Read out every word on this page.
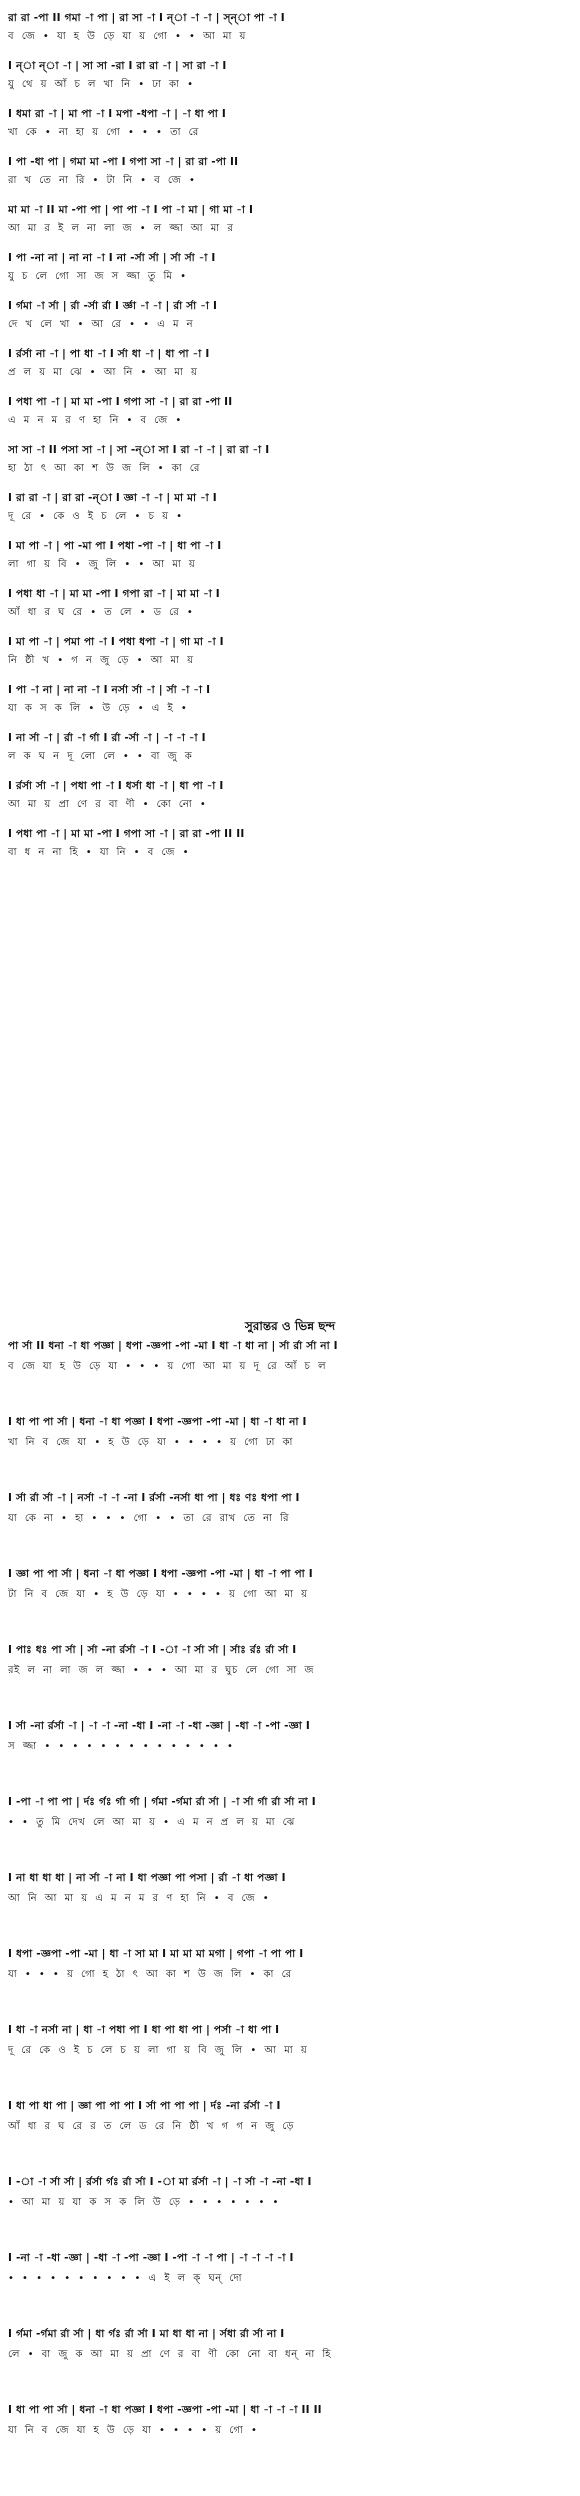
রা রা -পা II গমা -া পা | রা সা -া I ন্‌া -া -া | স্‌ন্‌া পা -া I
ব  জে  •  যা  হ  উ  ড়ে  যা  য়  গো  •  •  আ  মা  য়
I ন্‌া ন্‌া -া | সা সা -রা I রা রা -া | সা রা -া I
যু  থে  য়  আঁ  চ  ল  খা  নি  •  ঢা  কা  •
I ধমা রা -া | মা পা -া I মপা -ধপা -া | -া ধা পা I
খা  কে  •  না  হা  য়  গো  •  •  •  তা  রে
I পা -ধা পা | গমা মা -পা I গপা সা -া | রা রা -পা II
রা  খ  তে  না  রি  •  টা  নি  •  ব  জে  •
মা মা -া II মা -পা পা | পা পা -া I পা -া মা | গা মা -া I
আ  মা  র  ই  ল  না  লা  জ  •  ল  জ্জা  আ  মা  র
I পা -না না | না না -া I না -র্সা র্সা | র্সা র্সা -া I
যু  চ  লে  গো  সা  জ  স  জ্জা  তু  মি  •
I র্গমা -া র্সা | র্রা -র্সা র্রা I র্জ্ঞা -া -া | র্রা র্সা -া I
দে  খ  লে  খা  •  আ  রে  •  •  এ  ম  ন
I র্রর্সা না -া | পা ধা -া I র্সা ধা -া | ধা পা -া I
প্র  ল  য়  মা  ঝে  •  আ  নি  •  আ  মা  য়
I পধা পা -া | মা মা -পা I গপা সা -া | রা রা -পা II
এ  ম  ন  ম  র  ণ  হা  নি  •  ব  জে  •
সা সা -া II পসা সা -া | সা -ন্‌া সা I রা -া -া | রা রা -া I
হা  ঠা  ৎ  আ  কা  শ  উ  জ  লি  •  কা  রে
I রা রা -া | রা রা -ন্‌া I জ্ঞা -া -া | মা মা -া I
দূ  রে  •  কে  ও  ই  চ  লে  •  চ  য়  •
I মা পা -া | পা -মা পা I পধা -পা -া | ধা পা -া I
লা  গা  য়  বি  •  জু  লি  •  •  আ  মা  য়
I পধা ধা -া | মা মা -পা I গপা রা -া | মা মা -া I
আঁ  ধা  র  ঘ  রে  •  ত  লে  •  ড  রে  •
I মা পা -া | পমা পা -া I পধা ধপা -া | গা মা -া I
নি  ষ্ঠী  খ  •  গ  ন  জু  ড়ে  •  আ  মা  য়
I পা -া না | না না -া I নর্সা র্সা -া | র্সা -া -া I
যা  ক  স  ক  লি  •  উ  ড়ে  •  এ  ই  •
I না র্সা -া | র্রা -া র্গা I র্রা -র্সা -া | -া -া -া I
ল  ক  ঘ  ন  দূ  লো  লে  •  •  বা  জু  ক
I র্রর্সা র্সা -া | পধা পা -া I ধর্সা ধা -া | ধা পা -া I
আ  মা  য়  প্রা  ণে  র  বা  ণী  •  কো  নো  •
I পধা পা -া | মা মা -পা I গপা সা -া | রা রা -পা II II
বা  ধ  ন  না  হি  •  যা  নি  •  ব  জে  •
সুরান্তর ও ভিন্ন ছন্দ
পা র্সা II ধনা -া ধা পজ্ঞা | ধপা -জ্ঞপা -পা -মা I ধা -া ধা না | র্সা র্রা র্সা না I
ব  জে  যা  হ  উ  ড়ে  যা  •  •  •  য়  গো  আ  মা  য়  দূ  রে  আঁ  চ  ল
I ধা পা পা র্সা | ধনা -া ধা পজ্ঞা I ধপা -জ্ঞপা -পা -মা | ধা -া ধা না I
খা  নি  ব  জে  যা  •  হ  উ  ড়ে  যা  •  •  •  •  য়  গো  ঢা  কা
I র্সা র্রা র্সা -া | নর্সা -া -া -না I র্রর্সা -নর্সা ধা পা | ধঃ ণঃ ধপা পা I
যা  কে  না  •  হা  •  •  •  গো  •  •  তা  রে  রাখ  তে  না  রি
I জ্ঞা পা পা র্সা | ধনা -া ধা পজ্ঞা I ধপা -জ্ঞপা -পা -মা | ধা -া পা পা I
টা  নি  ব  জে  যা  •  হ  উ  ড়ে  যা  •  •  •  •  য়  গো  আ  মা  য়
I পাঃ ধঃ পা র্সা | র্সা -না র্রর্সা -া I -া -া র্সা র্সা | র্সাঃ র্রঃ র্রা র্সা I
রই  ল  না  লা  জ  ল  জ্জা  •  •  •  আ  মা  র  ঘুচ  লে  গো  সা  জ
I র্সা -না র্রর্সা -া | -া -া -না -ধা I -না -া -ধা -জ্ঞা | -ধা -া -পা -জ্ঞা I
স  জ্জা  •  •  •  •  •  •  •  •  •  •  •  •  •  •
I -পা -া পা পা | র্দঃ র্গঃ র্গা র্গা | র্গমা -র্গমা র্রা র্সা | -া র্সা র্গা র্রা র্সা না I
•  •  তু  মি  দেখ  লে  আ  মা  য়  •  এ  ম  ন  প্র  ল  য়  মা  ঝে
I না ধা ধা ধা | না র্সা -া না I ধা পজ্ঞা পা পসা | র্রা -া ধা পজ্ঞা I
আ  নি  আ  মা  য়  এ  ম  ন  ম  র  ণ  হা  নি  •  ব  জে  •
I ধপা -জ্ঞপা -পা -মা | ধা -া সা মা I মা মা মা মগা | গপা -া পা পা I
যা  •  •  •  য়  গো  হ  ঠা  ৎ  আ  কা  শ  উ  জ  লি  •  কা  রে
I ধা -া নর্সা না | ধা -া পধা পা I ধা পা ধা পা | পর্সা -া ধা পা I
দূ  রে  কে  ও  ই  চ  লে  চ  য়  লা  গা  য়  বি  জু  লি  •  আ  মা  য়
I ধা পা ধা পা | জ্ঞা পা পা পা I র্সা পা পা পা | র্দঃ -না র্রর্সা -া I
আঁ  ধা  র  ঘ  রে  র  ত  লে  ড  রে  নি  ষ্ঠী  খ  গ  গ  ন  জু  ড়ে
I -া -া র্সা র্সা | র্রর্সা র্গঃ র্রা র্সা I -া মা র্রর্সা -া | -া র্সা -া -না -ধা I
•  আ  মা  য়  যা  ক  স  ক  লি  উ  ড়ে  •  •  •  •  •  •  •
I -না -া -ধা -জ্ঞা | -ধা -া -পা -জ্ঞা I -পা -া -া পা | -া -া -া -া I
•  •  •  •  •  •  •  •  •  •  এ  ই  ল  ক্‌  ঘন্‌  দো
I র্গমা -র্গমা র্রা র্সা | ধা র্গঃ র্রা র্সা I মা ধা ধা না | র্সধা র্রা র্সা না I
লে  •  বা  জু  ক  আ  মা  য়  প্রা  ণে  র  বা  ণী  কো  নো  বা  ধন্  না  হি
I ধা পা পা র্সা | ধনা -া ধা পজ্ঞা I ধপা -জ্ঞপা -পা -মা | ধা -া -া -া II II
যা  নি  ব  জে  যা  হ  উ  ড়ে  যা  •  •  •  •  য়  গো  •
